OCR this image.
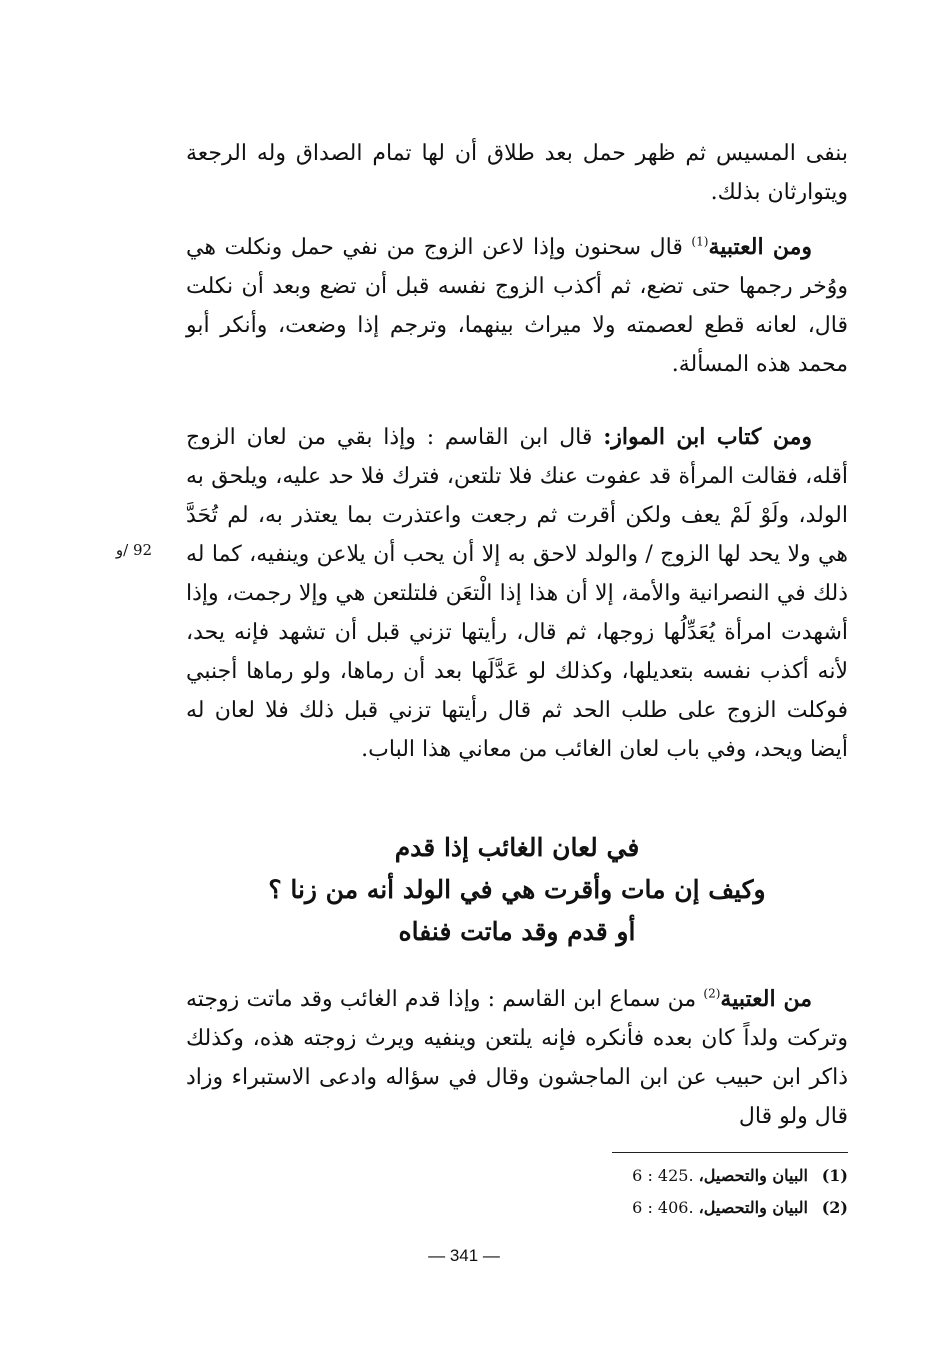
بنفى المسيس ثم ظهر حمل بعد طلاق أن لها تمام الصداق وله الرجعة ويتوارثان بذلك.

ومن العتبية$^{(1)}$ قال سحنون وإذا لاعن الزوج من نفي حمل ونكلت هي ووُخر رجمها حتى تضع، ثم أكذب الزوج نفسه قبل أن تضع وبعد أن نكلت قال، لعانه قطع لعصمته ولا ميراث بينهما، وترجم إذا وضعت، وأنكر أبو محمد هذه المسألة.

ومن كتاب ابن المواز: قال ابن القاسم : وإذا بقي من لعان الزوج أقله، فقالت المرأة قد عفوت عنك فلا تلتعن، فترك فلا حد عليه، ويلحق به الولد، ولَوْ لَمْ يعف ولكن أقرت ثم رجعت واعتذرت بما يعتذر به، لم تُحَدَّ هي ولا يحد لها الزوج / والولد لاحق به إلا أن يحب أن يلاعن وينفيه، كما له ذلك في النصرانية والأمة، إلا أن هذا إذا الْتعَن فلتلتعن هي وإلا رجمت، وإذا أشهدت امرأة يُعَدِّلُها زوجها، ثم قال، رأيتها تزني قبل أن تشهد فإنه يحد، لأنه أكذب نفسه بتعديلها، وكذلك لو عَدَّلَها بعد أن رماها، ولو رماها أجنبي فوكلت الزوج على طلب الحد ثم قال رأيتها تزني قبل ذلك فلا لعان له أيضا ويحد، وفي باب لعان الغائب من معاني هذا الباب.

92 /و

في لعان الغائب إذا قدم

وكيف إن مات وأقرت هي في الولد أنه من زنا ؟

أو قدم وقد ماتت فنفاه

من العتبية$^{(2)}$ من سماع ابن القاسم : وإذا قدم الغائب وقد ماتت زوجته وتركت ولداً كان بعده فأنكره فإنه يلتعن وينفيه ويرث زوجته هذه، وكذلك ذاكر ابن حبيب عن ابن الماجشون وقال في سؤاله وادعى الاستبراء وزاد قال ولو قال

(1)البيان والتحصيل، 6 : 425.
(2)البيان والتحصيل، 6 : 406.
— 341 —
